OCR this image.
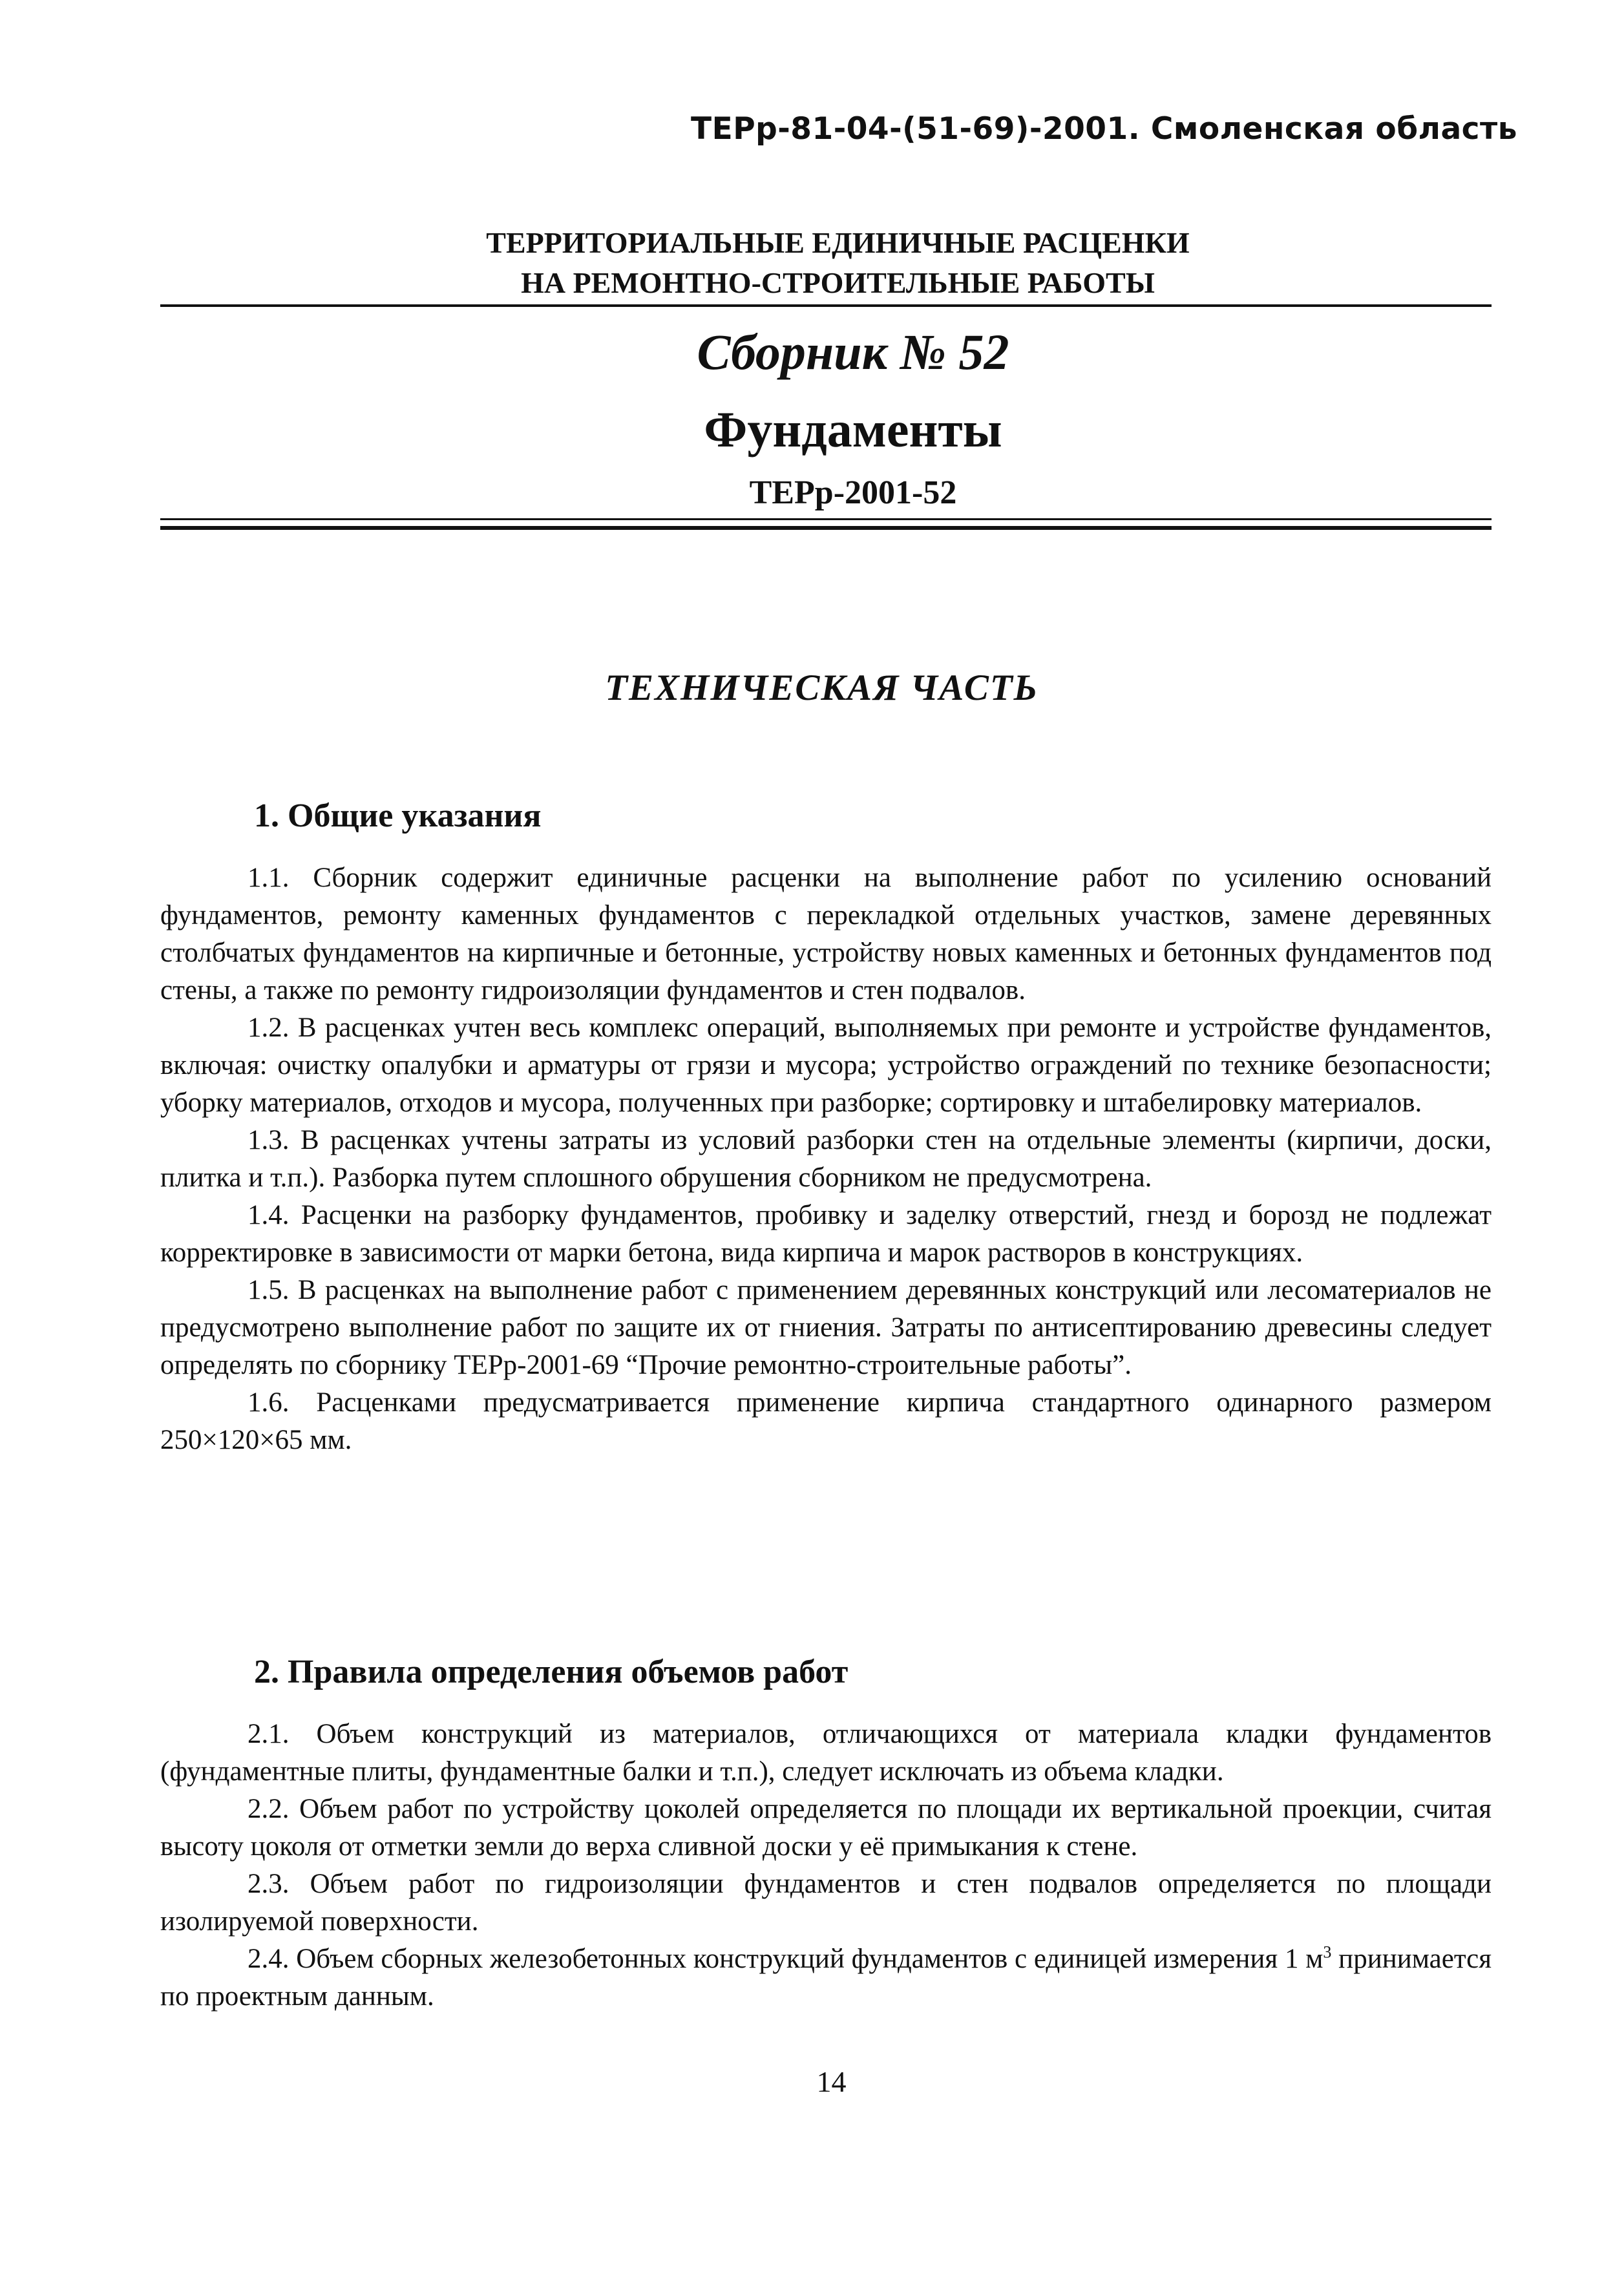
ТЕРр-81-04-(51-69)-2001. Смоленская область
ТЕРРИТОРИАЛЬНЫЕ ЕДИНИЧНЫЕ РАСЦЕНКИ
НА РЕМОНТНО-СТРОИТЕЛЬНЫЕ РАБОТЫ
Сборник № 52
Фундаменты
ТЕРр-2001-52
ТЕХНИЧЕСКАЯ ЧАСТЬ
1. Общие указания

1.1. Сборник содержит единичные расценки на выполнение работ по усилению оснований фундаментов, ремонту каменных фундаментов с перекладкой отдельных участков, замене деревянных столбчатых фундаментов на кирпичные и бетонные, устройству новых каменных и бетонных фундаментов под стены, а также по ремонту гидроизоляции фундаментов и стен подвалов.

1.2. В расценках учтен весь комплекс операций, выполняемых при ремонте и устройстве фундаментов, включая: очистку опалубки и арматуры от грязи и мусора; устройство ограждений по технике безопасности; уборку материалов, отходов и мусора, полученных при разборке; сортировку и штабелировку материалов.

1.3. В расценках учтены затраты из условий разборки стен на отдельные элементы (кирпичи, доски, плитка и т.п.). Разборка путем сплошного обрушения сборником не предусмотрена.

1.4. Расценки на разборку фундаментов, пробивку и заделку отверстий, гнезд и борозд не подлежат корректировке в зависимости от марки бетона, вида кирпича и марок растворов в конструкциях.

1.5. В расценках на выполнение работ с применением деревянных конструкций или лесоматериалов не предусмотрено выполнение работ по защите их от гниения. Затраты по антисептированию древесины следует определять по сборнику ТЕРр-2001-69 “Прочие ремонтно-строительные работы”.

1.6. Расценками предусматривается применение кирпича стандартного одинарного размером 250×120×65 мм.

2. Правила определения объемов работ

2.1. Объем конструкций из материалов, отличающихся от материала кладки фундаментов (фундаментные плиты, фундаментные балки и т.п.), следует исключать из объема кладки.

2.2. Объем работ по устройству цоколей определяется по площади их вертикальной проекции, считая высоту цоколя от отметки земли до верха сливной доски у её примыкания к стене.

2.3. Объем работ по гидроизоляции фундаментов и стен подвалов определяется по площади изолируемой поверхности.

2.4. Объем сборных железобетонных конструкций фундаментов с единицей измерения 1 $м^3$ принимается по проектным данным.

14
